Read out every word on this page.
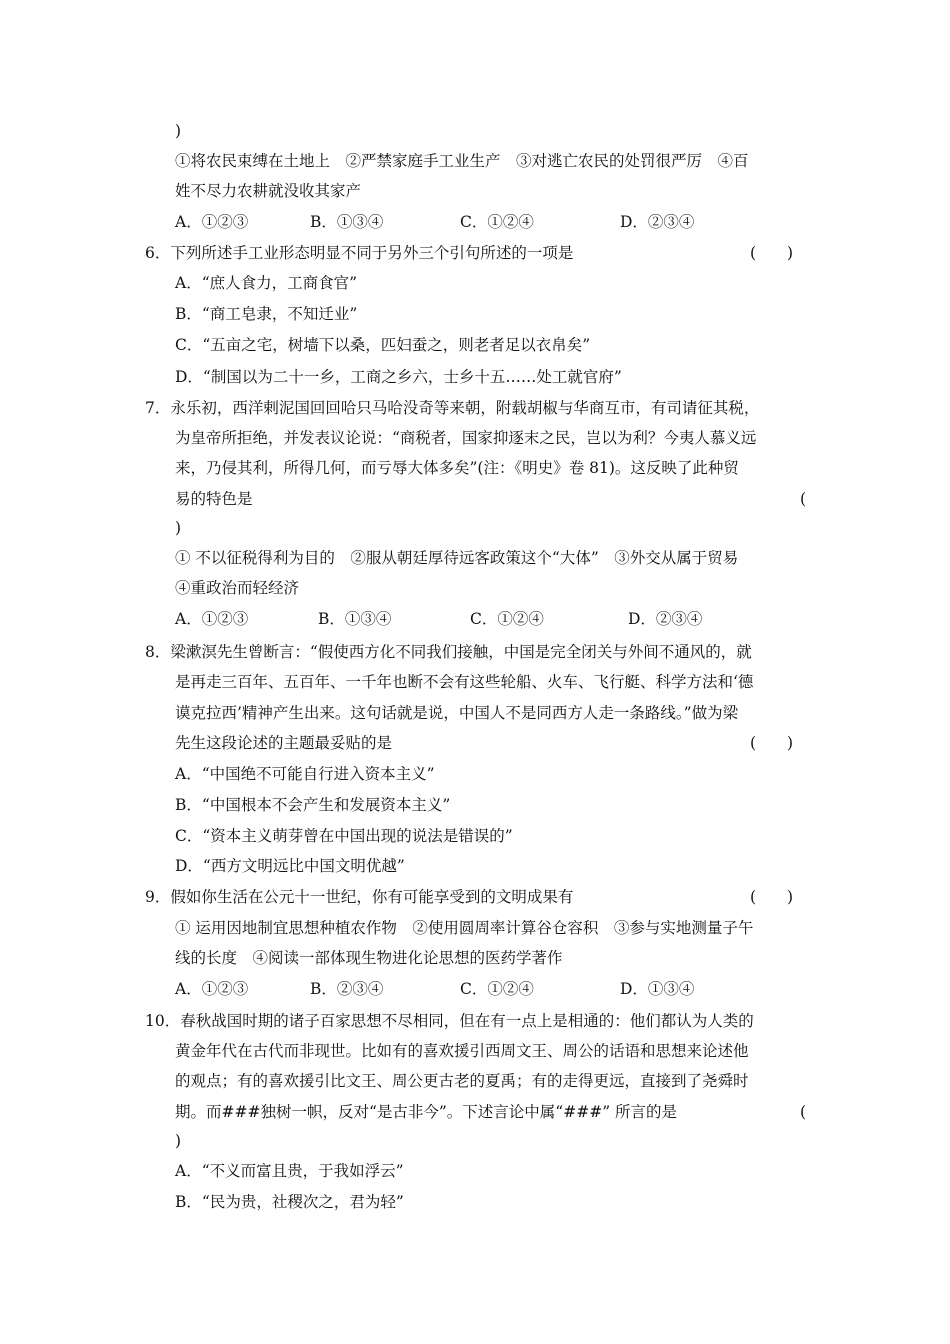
)
①将农民束缚在土地上　②严禁家庭手工业生产　③对逃亡农民的处罚很严厉　④百
姓不尽力农耕就没收其家产
A．①②③	B．①③④	C．①②④	D．②③④
6．下列所述手工业形态明显不同于另外三个引句所述的一项是	(　　)
A．“庶人食力，工商食官”
B．“商工皂隶，不知迁业”
C．“五亩之宅，树墙下以桑，匹妇蚕之，则老者足以衣帛矣”
D．“制国以为二十一乡，工商之乡六，士乡十五……处工就官府”
7．永乐初，西洋剌泥国回回哈只马哈没奇等来朝，附载胡椒与华商互市，有司请征其税，
为皇帝所拒绝，并发表议论说：“商税者，国家抑逐末之民，岂以为利？今夷人慕义远
来，乃侵其利，所得几何，而亏辱大体多矣”(注：《明史》卷 81)。这反映了此种贸
易的特色是	(
)
① 不以征税得利为目的　②服从朝廷厚待远客政策这个“大体”　③外交从属于贸易
④重政治而轻经济
A．①②③	B．①③④	C．①②④	D．②③④
8．梁漱溟先生曾断言：“假使西方化不同我们接触，中国是完全闭关与外间不通风的，就
是再走三百年、五百年、一千年也断不会有这些轮船、火车、飞行艇、科学方法和‘德
谟克拉西’精神产生出来。这句话就是说，中国人不是同西方人走一条路线。”做为梁
先生这段论述的主题最妥贴的是	(　　)
A．“中国绝不可能自行进入资本主义”
B．“中国根本不会产生和发展资本主义”
C．“资本主义萌芽曾在中国出现的说法是错误的”
D．“西方文明远比中国文明优越”
9．假如你生活在公元十一世纪，你有可能享受到的文明成果有	(　　)
① 运用因地制宜思想种植农作物　②使用圆周率计算谷仓容积　③参与实地测量子午
线的长度　④阅读一部体现生物进化论思想的医药学著作
A．①②③	B．②③④	C．①②④	D．①③④
10．春秋战国时期的诸子百家思想不尽相同，但在有一点上是相通的：他们都认为人类的
黄金年代在古代而非现世。比如有的喜欢援引西周文王、周公的话语和思想来论述他
的观点；有的喜欢援引比文王、周公更古老的夏禹；有的走得更远，直接到了尧舜时
期。而###独树一帜，反对“是古非今”。下述言论中属“###” 所言的是	(
)
A．“不义而富且贵，于我如浮云”
B．“民为贵，社稷次之，君为轻”
